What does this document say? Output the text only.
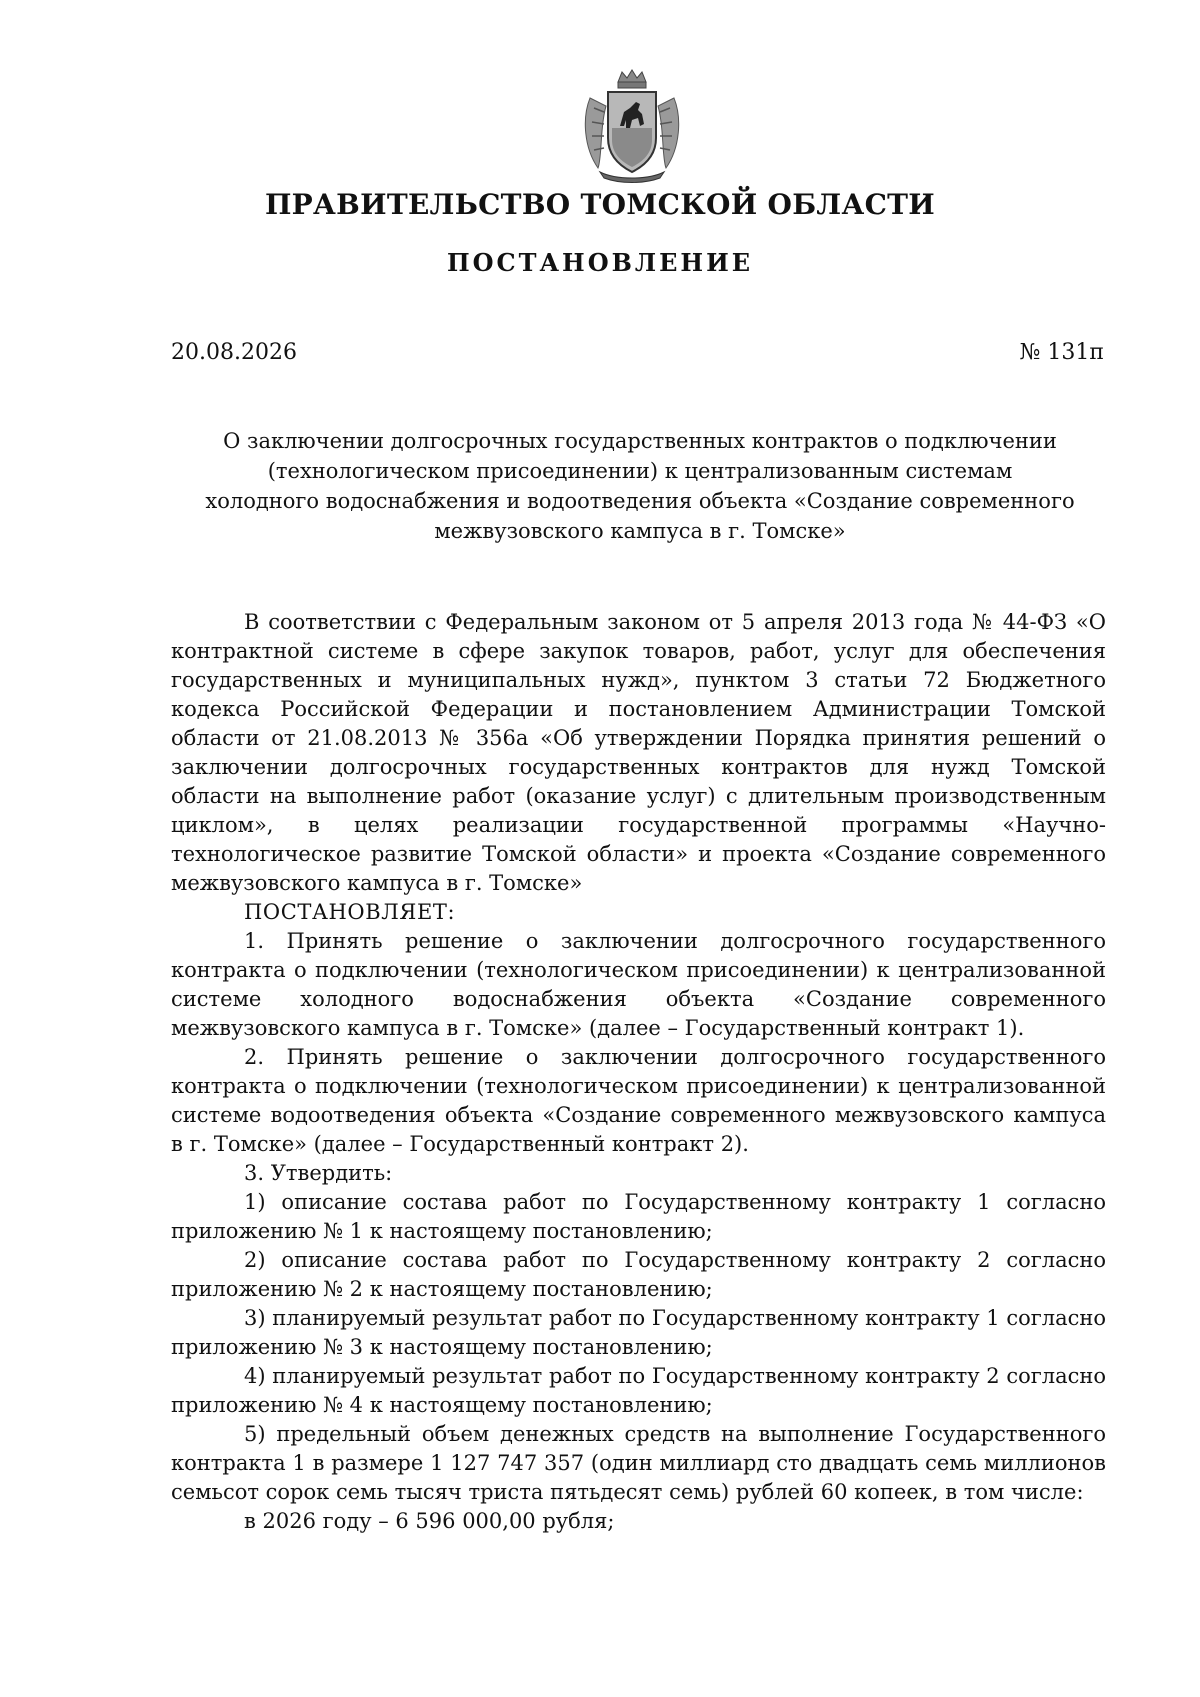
ПРАВИТЕЛЬСТВО ТОМСКОЙ ОБЛАСТИ
ПОСТАНОВЛЕНИЕ
20.08.2026	№ 131п
О заключении долгосрочных государственных контрактов о подключении
(технологическом присоединении) к централизованным системам
холодного водоснабжения и водоотведения объекта «Создание современного
межвузовского кампуса в г. Томске»

В соответствии с Федеральным законом от 5 апреля 2013 года № 44-ФЗ «О контрактной системе в сфере закупок товаров, работ, услуг для обеспечения государственных и муниципальных нужд», пунктом 3 статьи 72 Бюджетного кодекса Российской Федерации и постановлением Администрации Томской области от 21.08.2013 № 356а «Об утверждении Порядка принятия решений о заключении долгосрочных государственных контрактов для нужд Томской области на выполнение работ (оказание услуг) с длительным производственным циклом», в целях реализации государственной программы «Научно-технологическое развитие Томской области» и проекта «Создание современного межвузовского кампуса в г. Томске»

ПОСТАНОВЛЯЕТ:

1. Принять решение о заключении долгосрочного государственного контракта о подключении (технологическом присоединении) к централизованной системе холодного водоснабжения объекта «Создание современного межвузовского кампуса в г. Томске» (далее – Государственный контракт 1).

2. Принять решение о заключении долгосрочного государственного контракта о подключении (технологическом присоединении) к централизованной системе водоотведения объекта «Создание современного межвузовского кампуса в г. Томске» (далее – Государственный контракт 2).

3. Утвердить:

1) описание состава работ по Государственному контракту 1 согласно приложению № 1 к настоящему постановлению;

2) описание состава работ по Государственному контракту 2 согласно приложению № 2 к настоящему постановлению;

3) планируемый результат работ по Государственному контракту 1 согласно приложению № 3 к настоящему постановлению;

4) планируемый результат работ по Государственному контракту 2 согласно приложению № 4 к настоящему постановлению;

5) предельный объем денежных средств на выполнение Государственного контракта 1 в размере 1 127 747 357 (один миллиард сто двадцать семь миллионов семьсот сорок семь тысяч триста пятьдесят семь) рублей 60 копеек, в том числе:

в 2026 году – 6 596 000,00 рубля;
